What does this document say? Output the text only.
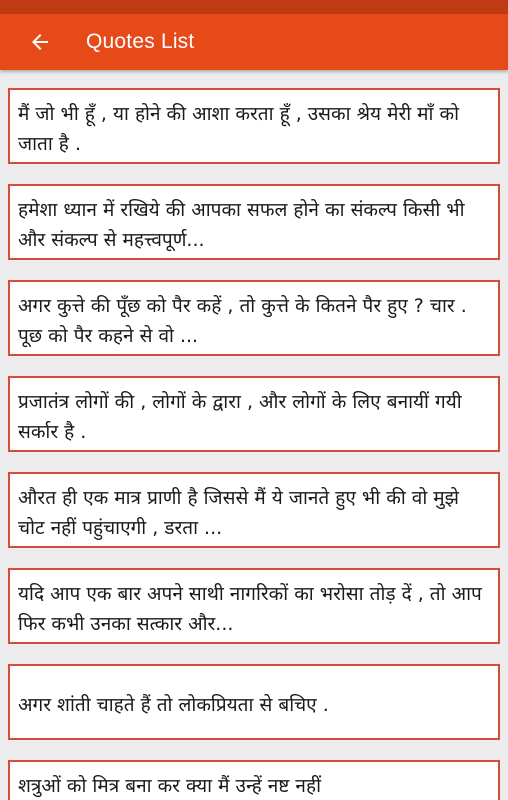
Quotes List
मैं जो भी हूँ , या होने की आशा करता हूँ , उसका श्रेय मेरी माँ को जाता है .
हमेशा ध्यान में रखिये की आपका सफल होने का संकल्प किसी भी और संकल्प से महत्त्वपूर्ण...
अगर कुत्ते की पूँछ को पैर कहें , तो कुत्ते के कितने पैर हुए ? चार . पूछ को पैर कहने से वो ...
प्रजातंत्र लोगों की , लोगों के द्वारा , और लोगों के लिए बनायीं गयी सर्कार है .
औरत ही एक मात्र प्राणी है जिससे मैं ये जानते हुए भी की वो मुझे चोट नहीं पहुंचाएगी , डरता ...
यदि आप एक बार अपने साथी नागरिकों का भरोसा तोड़ दें , तो आप फिर कभी उनका सत्कार और...
अगर शांती चाहते हैं तो लोकप्रियता से बचिए .
शत्रुओं को मित्र बना कर क्या मैं उन्हें नष्ट नहीं
